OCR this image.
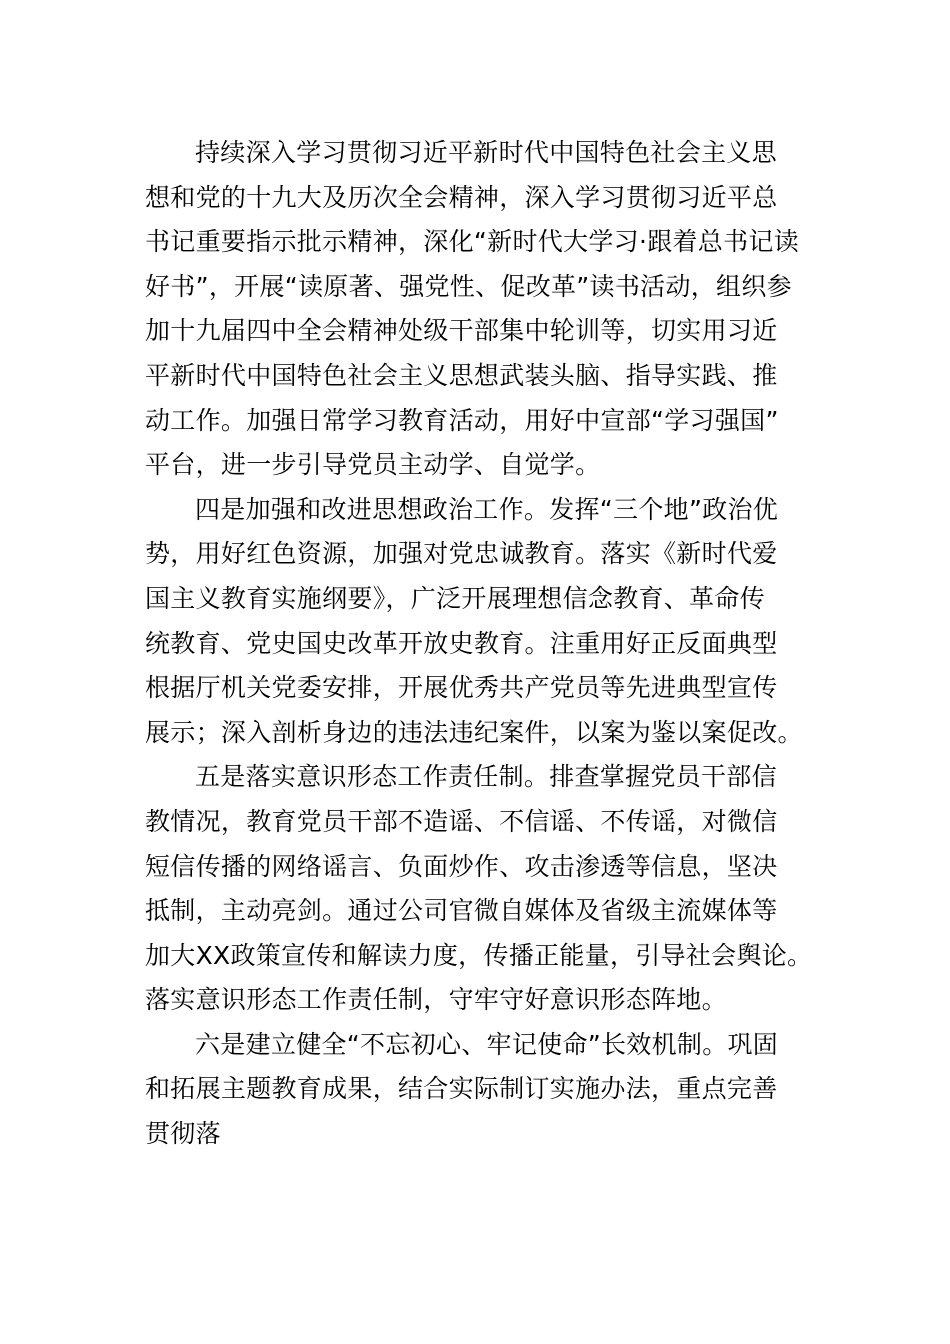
持续深入学习贯彻习近平新时代中国特色社会主义思
想和党的十九大及历次全会精神，深入学习贯彻习近平总
书记重要指示批示精神，深化“新时代大学习·跟着总书记读
好书”，开展“读原著、强党性、促改革”读书活动，组织参
加十九届四中全会精神处级干部集中轮训等，切实用习近
平新时代中国特色社会主义思想武装头脑、指导实践、推
动工作。加强日常学习教育活动，用好中宣部“学习强国”
平台，进一步引导党员主动学、自觉学。
四是加强和改进思想政治工作。发挥“三个地”政治优
势，用好红色资源，加强对党忠诚教育。落实《新时代爱
国主义教育实施纲要》，广泛开展理想信念教育、革命传
统教育、党史国史改革开放史教育。注重用好正反面典型
根据厅机关党委安排，开展优秀共产党员等先进典型宣传
展示；深入剖析身边的违法违纪案件，以案为鉴以案促改。
五是落实意识形态工作责任制。排查掌握党员干部信
教情况，教育党员干部不造谣、不信谣、不传谣，对微信
短信传播的网络谣言、负面炒作、攻击渗透等信息，坚决
抵制，主动亮剑。通过公司官微自媒体及省级主流媒体等
加大XX政策宣传和解读力度，传播正能量，引导社会舆论。
落实意识形态工作责任制，守牢守好意识形态阵地。
六是建立健全“不忘初心、牢记使命”长效机制。巩固
和拓展主题教育成果，结合实际制订实施办法，重点完善
贯彻落
